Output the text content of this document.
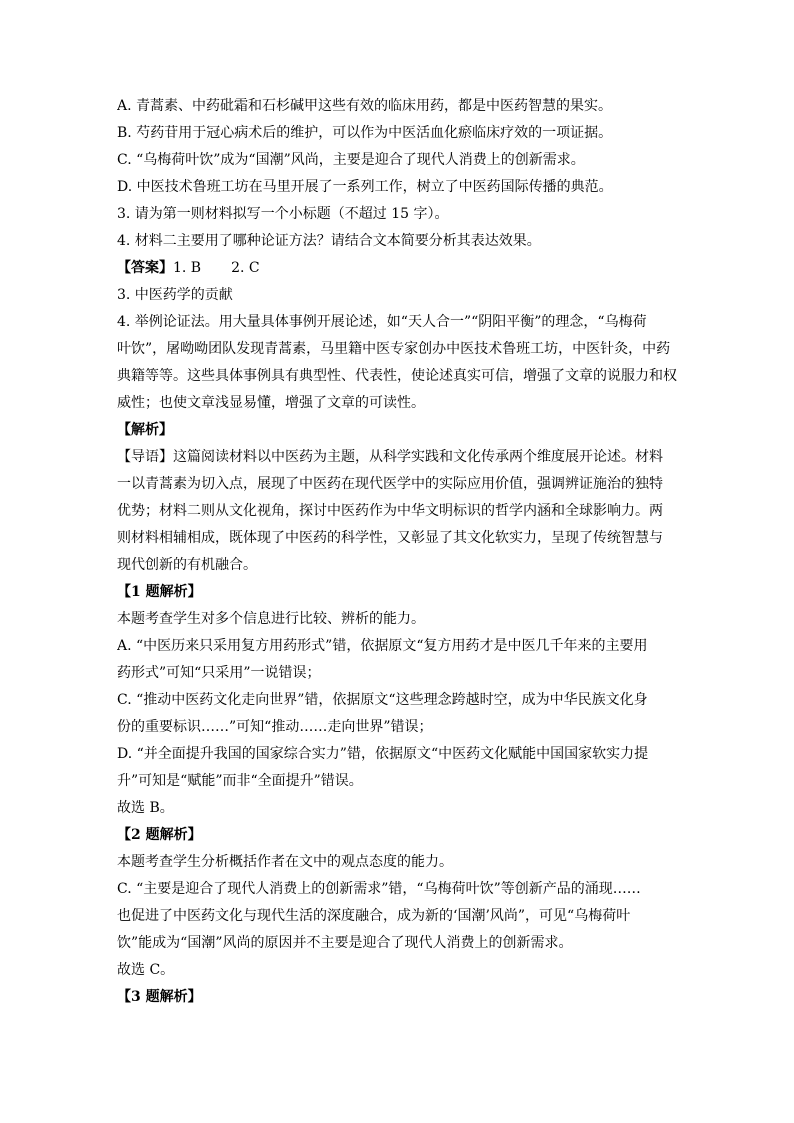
A. 青蒿素、中药砒霜和石杉碱甲这些有效的临床用药，都是中医药智慧的果实。
B. 芍药苷用于冠心病术后的维护，可以作为中医活血化瘀临床疗效的一项证据。
C. “乌梅荷叶饮”成为“国潮”风尚，主要是迎合了现代人消费上的创新需求。
D. 中医技术鲁班工坊在马里开展了一系列工作，树立了中医药国际传播的典范。
3. 请为第一则材料拟写一个小标题（不超过 15 字）。
4. 材料二主要用了哪种论证方法？请结合文本简要分析其表达效果。
【答案】1. B 2. C
3. 中医药学的贡献
4. 举例论证法。用大量具体事例开展论述，如“天人合一”“阴阳平衡”的理念，“乌梅荷
叶饮”，屠呦呦团队发现青蒿素，马里籍中医专家创办中医技术鲁班工坊，中医针灸，中药
典籍等等。这些具体事例具有典型性、代表性，使论述真实可信，增强了文章的说服力和权
威性；也使文章浅显易懂，增强了文章的可读性。
【解析】
【导语】这篇阅读材料以中医药为主题，从科学实践和文化传承两个维度展开论述。材料
一以青蒿素为切入点，展现了中医药在现代医学中的实际应用价值，强调辨证施治的独特
优势；材料二则从文化视角，探讨中医药作为中华文明标识的哲学内涵和全球影响力。两
则材料相辅相成，既体现了中医药的科学性，又彰显了其文化软实力，呈现了传统智慧与
现代创新的有机融合。
【1 题解析】
本题考查学生对多个信息进行比较、辨析的能力。
A. “中医历来只采用复方用药形式”错，依据原文“复方用药才是中医几千年来的主要用
药形式”可知“只采用”一说错误；
C. “推动中医药文化走向世界”错，依据原文“这些理念跨越时空，成为中华民族文化身
份的重要标识……”可知“推动……走向世界”错误；
D. “并全面提升我国的国家综合实力”错，依据原文“中医药文化赋能中国国家软实力提
升”可知是“赋能”而非“全面提升”错误。
故选 B。
【2 题解析】
本题考查学生分析概括作者在文中的观点态度的能力。
C. “主要是迎合了现代人消费上的创新需求”错，“乌梅荷叶饮”等创新产品的涌现……
也促进了中医药文化与现代生活的深度融合，成为新的‘国潮’风尚”，可见“乌梅荷叶
饮”能成为“国潮”风尚的原因并不主要是迎合了现代人消费上的创新需求。
故选 C。
【3 题解析】
